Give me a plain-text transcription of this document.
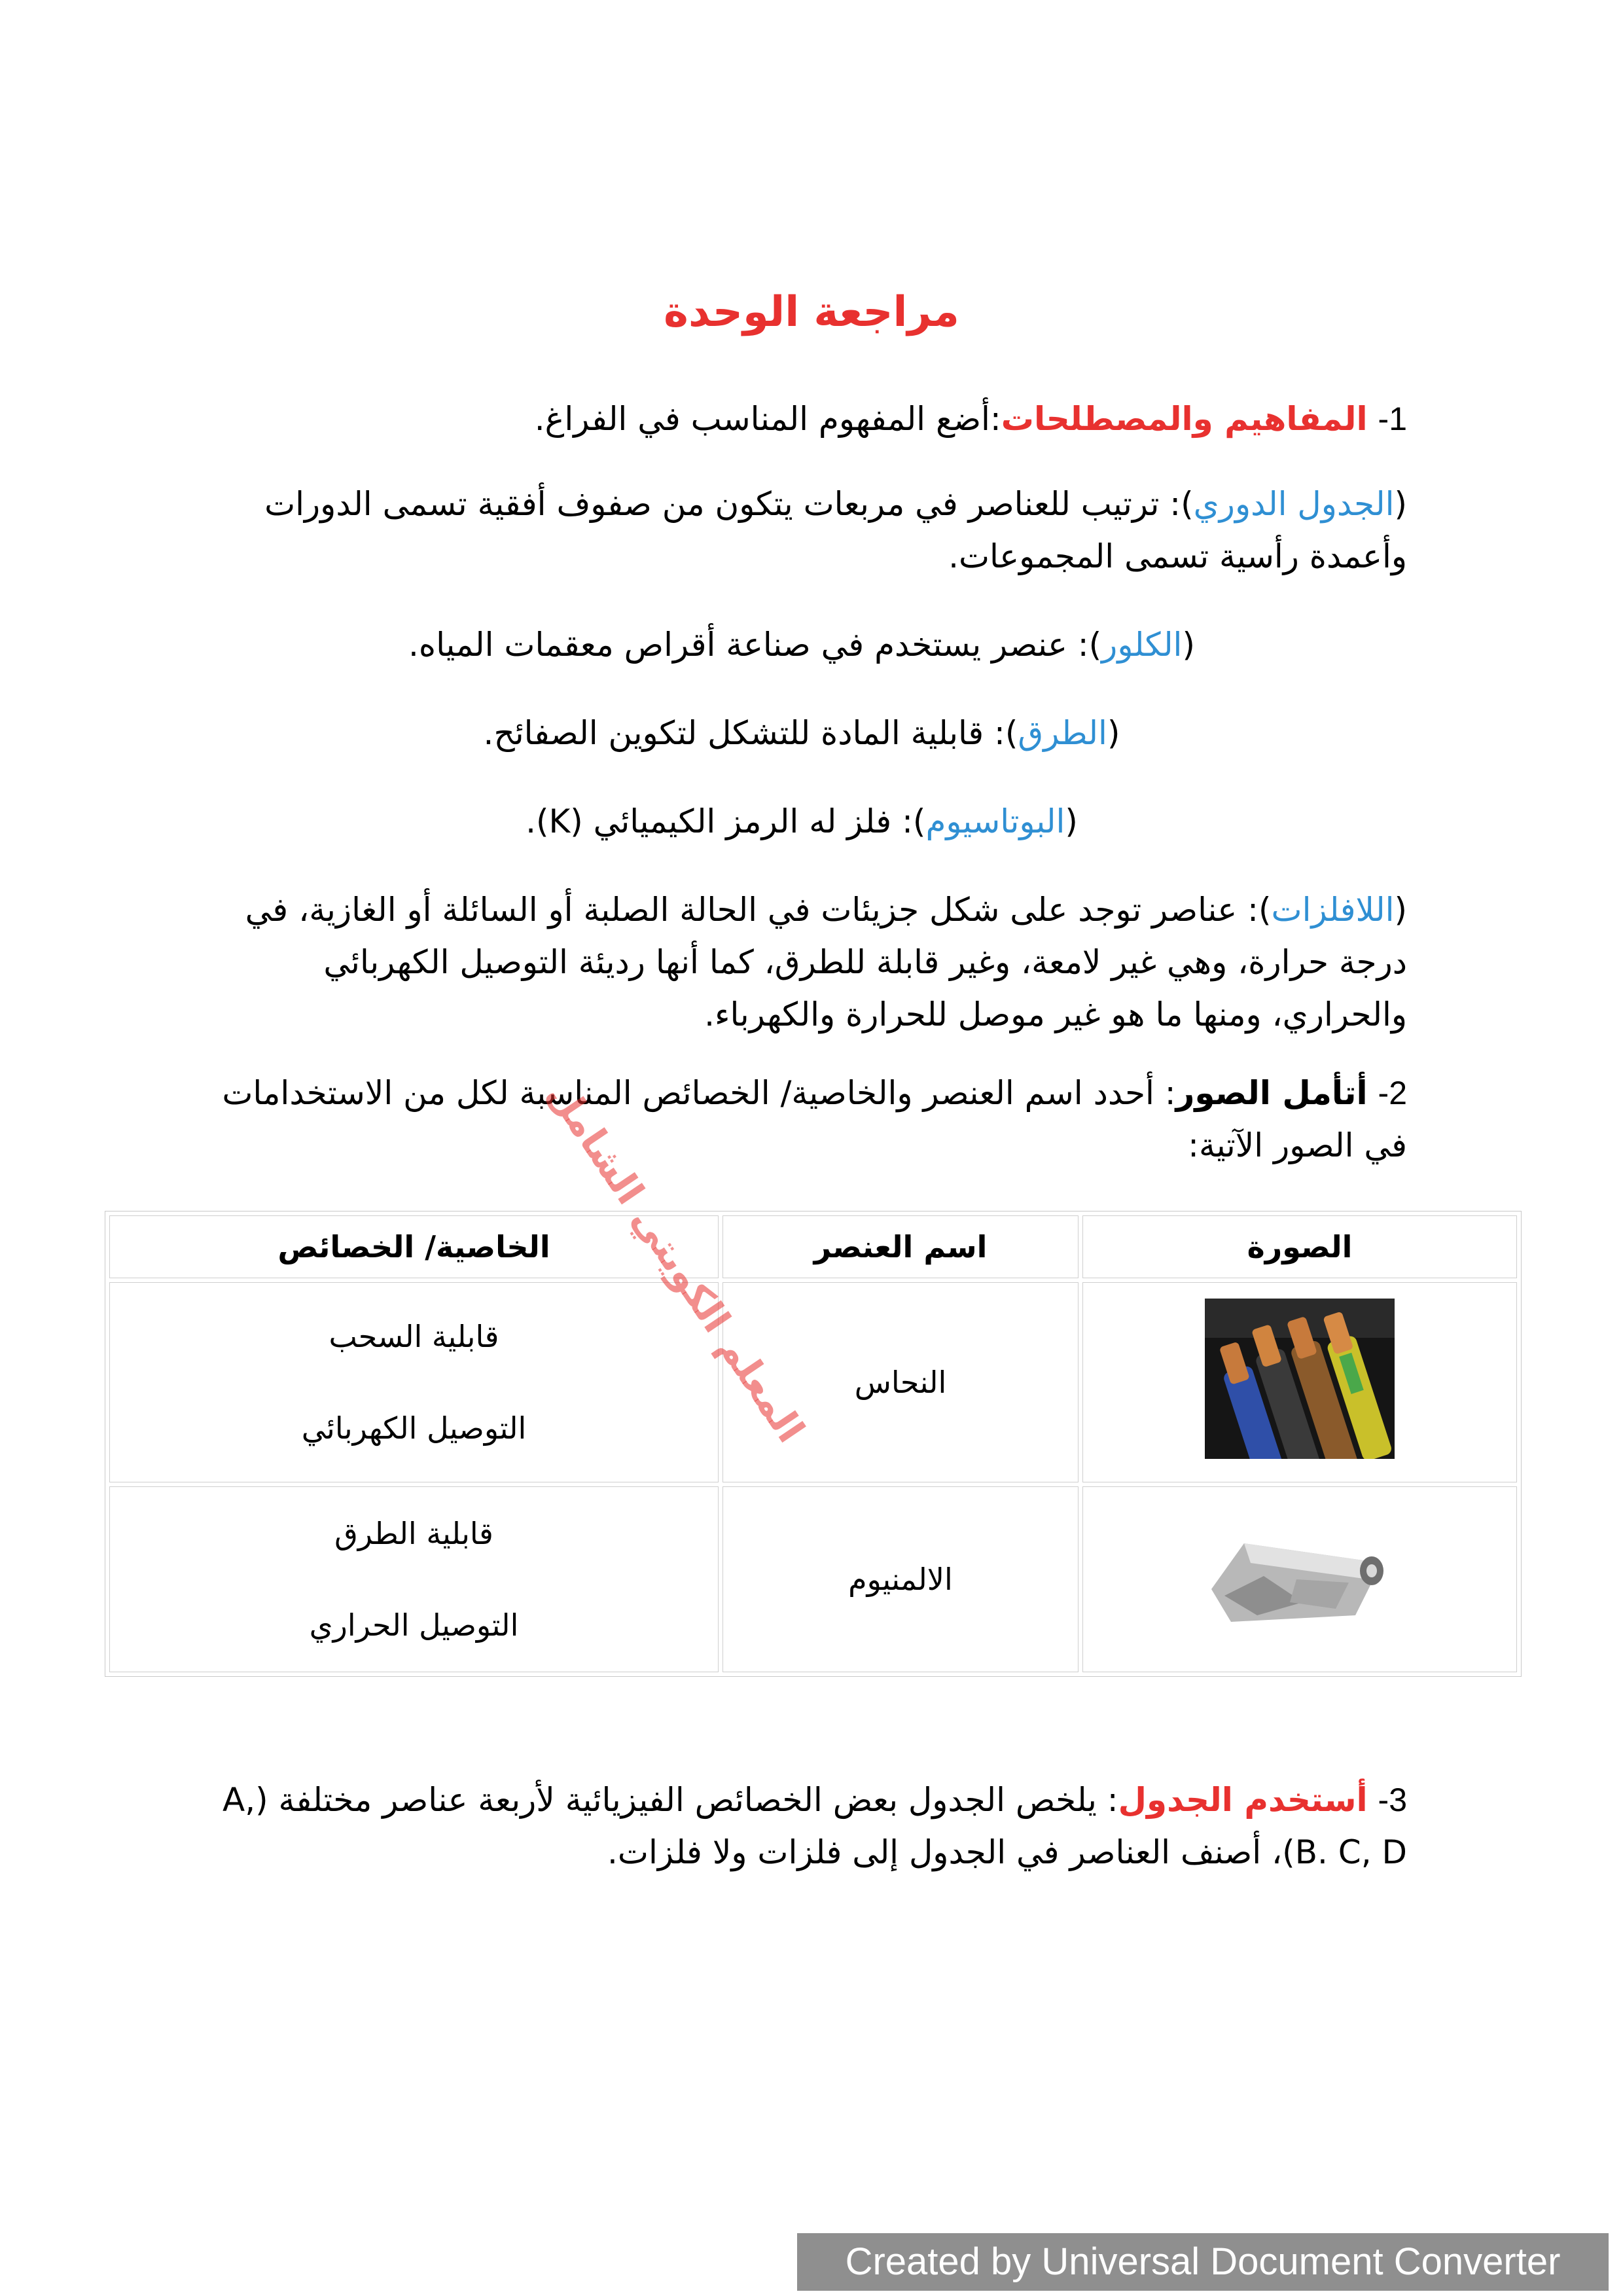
مراجعة الوحدة
1- المفاهيم والمصطلحات:أضع المفهوم المناسب في الفراغ.
(الجدول الدوري): ترتيب للعناصر في مربعات يتكون من صفوف أفقية تسمى الدورات وأعمدة رأسية تسمى المجموعات.
(الكلور): عنصر يستخدم في صناعة أقراص معقمات المياه.
(الطرق): قابلية المادة للتشكل لتكوين الصفائح.
(البوتاسيوم): فلز له الرمز الكيميائي (K).
(اللافلزات): عناصر توجد على شكل جزيئات في الحالة الصلبة أو السائلة أو الغازية، في درجة حرارة، وهي غير لامعة، وغير قابلة للطرق، كما أنها رديئة التوصيل الكهربائي والحراري، ومنها ما هو غير موصل للحرارة والكهرباء.
2- أتأمل الصور: أحدد اسم العنصر والخاصية/ الخصائص المناسبة لكل من الاستخدامات في الصور الآتية:
الصورة	اسم العنصر	الخاصية/ الخصائص
	النحاس	قابلية السحب
التوصيل الكهربائي

	الالمنيوم	قابلية الطرق
التوصيل الحراري
3- أستخدم الجدول: يلخص الجدول بعض الخصائص الفيزيائية لأربعة عناصر مختلفة (A, B. C, D)، أصنف العناصر في الجدول إلى فلزات ولا فلزات.
المعلم الكويتي الشامل
Created by Universal Document Converter
